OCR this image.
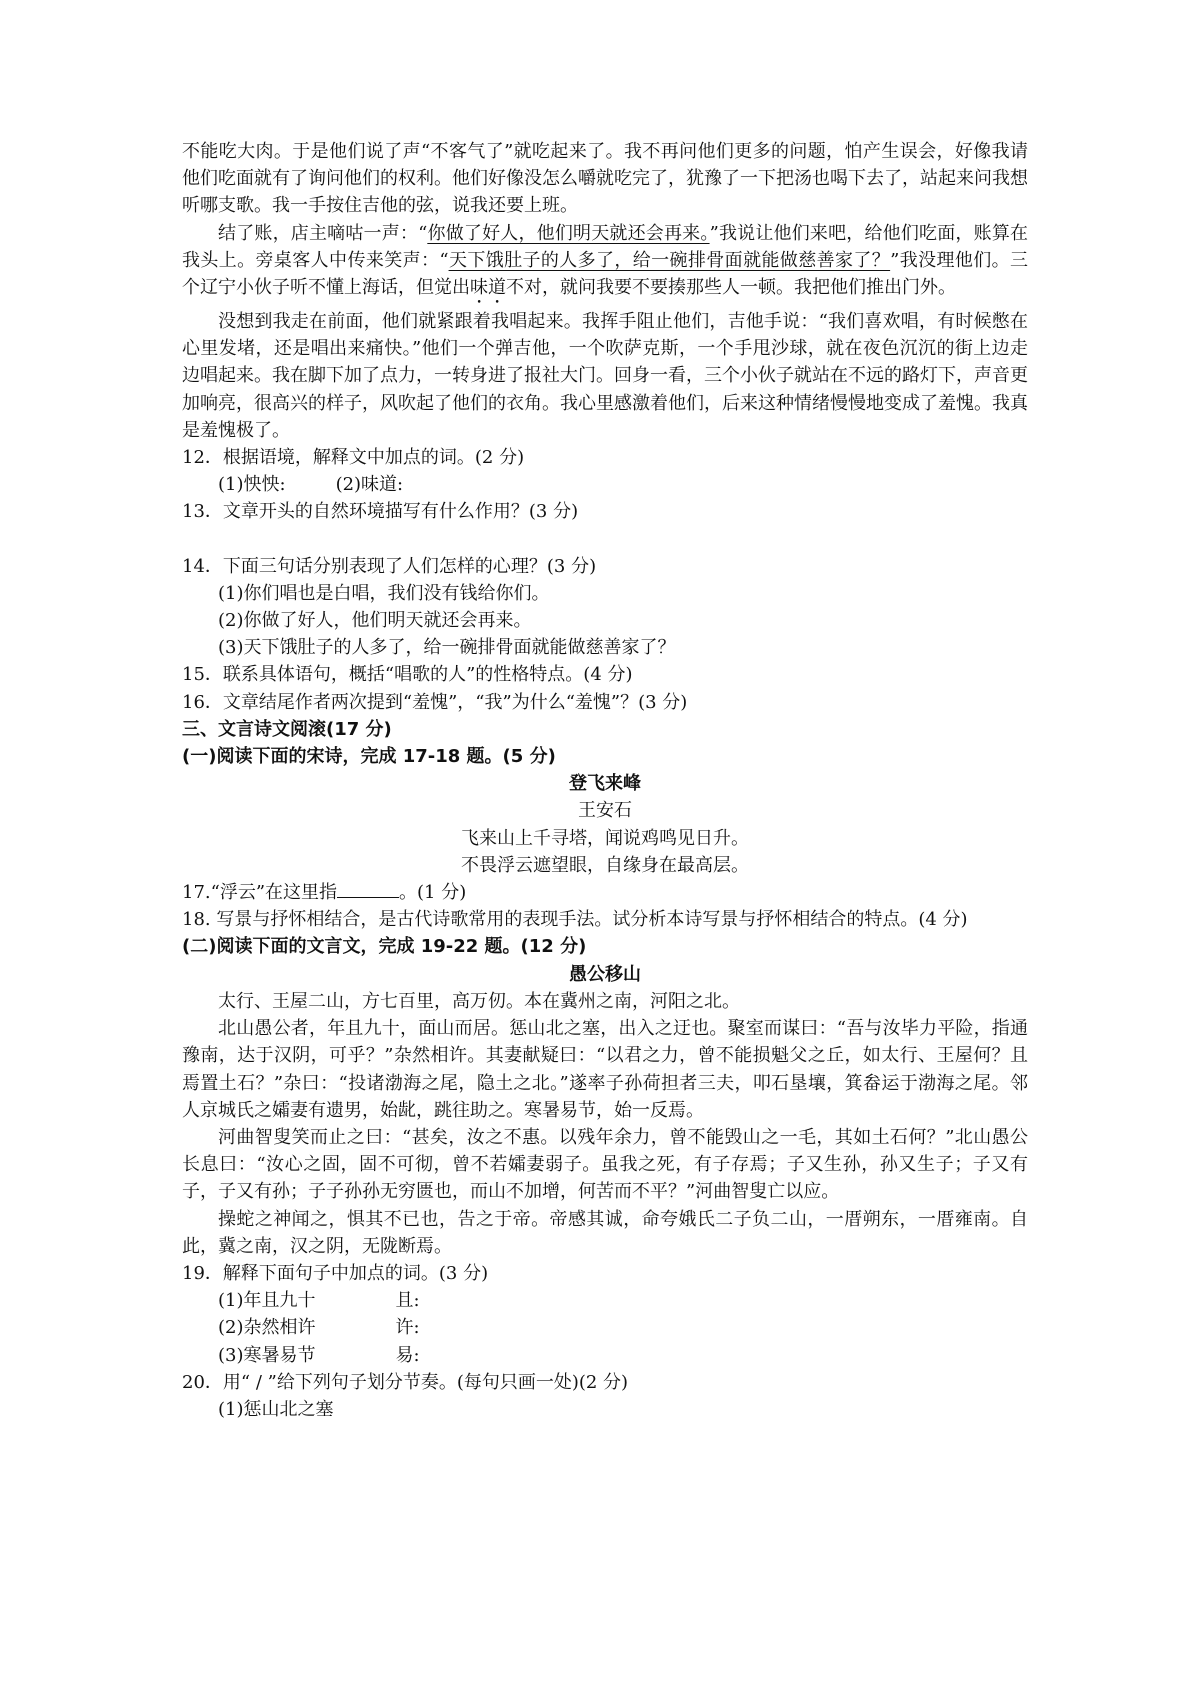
不能吃大肉。于是他们说了声“不客气了”就吃起来了。我不再问他们更多的问题，怕产生误会，好像我请他们吃面就有了询问他们的权利。他们好像没怎么嚼就吃完了，犹豫了一下把汤也喝下去了，站起来问我想听哪支歌。我一手按住吉他的弦，说我还要上班。

结了账，店主嘀咕一声：“你做了好人，他们明天就还会再来。”我说让他们来吧，给他们吃面，账算在我头上。旁桌客人中传来笑声：“天下饿肚子的人多了，给一碗排骨面就能做慈善家了？”我没理他们。三个辽宁小伙子听不懂上海话，但觉出味道不对，就问我要不要揍那些人一顿。我把他们推出门外。

没想到我走在前面，他们就紧跟着我唱起来。我挥手阻止他们，吉他手说：“我们喜欢唱，有时候憋在心里发堵，还是唱出来痛快。”他们一个弹吉他，一个吹萨克斯，一个手甩沙球，就在夜色沉沉的街上边走边唱起来。我在脚下加了点力，一转身进了报社大门。回身一看，三个小伙子就站在不远的路灯下，声音更加响亮，很高兴的样子，风吹起了他们的衣角。我心里感激着他们，后来这种情绪慢慢地变成了羞愧。我真是羞愧极了。

12．根据语境，解释文中加点的词。(2 分)

(1)怏怏:	(2)味道:

13．文章开头的自然环境描写有什么作用？(3 分)

14．下面三句话分别表现了人们怎样的心理？(3 分)

(1)你们唱也是白唱，我们没有钱给你们。

(2)你做了好人，他们明天就还会再来。

(3)天下饿肚子的人多了，给一碗排骨面就能做慈善家了？

15．联系具体语句，概括“唱歌的人”的性格特点。(4 分)

16．文章结尾作者两次提到“羞愧”，“我”为什么“羞愧”？(3 分)

三、文言诗文阅滚(17 分)

(一)阅读下面的宋诗，完成 17-18 题。(5 分)

登飞来峰

王安石

飞来山上千寻塔，闻说鸡鸣见日升。

不畏浮云遮望眼，自缘身在最高层。

17.“浮云”在这里指	。(1 分)

18. 写景与抒怀相结合，是古代诗歌常用的表现手法。试分析本诗写景与抒怀相结合的特点。(4 分)

(二)阅读下面的文言文，完成 19-22 题。(12 分)

愚公移山

太行、王屋二山，方七百里，高万仞。本在冀州之南，河阳之北。

北山愚公者，年且九十，面山而居。惩山北之塞，出入之迂也。聚室而谋曰：“吾与汝毕力平险，指通豫南，达于汉阴，可乎？”杂然相许。其妻献疑曰：“以君之力，曾不能损魁父之丘，如太行、王屋何？且焉置土石？”杂曰：“投诸渤海之尾，隐土之北。”遂率子孙荷担者三夫，叩石垦壤，箕畚运于渤海之尾。邻人京城氏之孀妻有遗男，始龀，跳往助之。寒暑易节，始一反焉。

河曲智叟笑而止之曰：“甚矣，汝之不惠。以残年余力，曾不能毁山之一毛，其如土石何？”北山愚公长息曰：“汝心之固，固不可彻，曾不若孀妻弱子。虽我之死，有子存焉；子又生孙，孙又生子；子又有子，子又有孙；子子孙孙无穷匮也，而山不加增，何苦而不平？”河曲智叟亡以应。

操蛇之神闻之，惧其不已也，告之于帝。帝感其诚，命夸娥氏二子负二山，一厝朔东，一厝雍南。自此，冀之南，汉之阴，无陇断焉。

19．解释下面句子中加点的词。(3 分)

(1)年且九十	且:

(2)杂然相许	许:

(3)寒暑易节	易:

20．用“ / ”给下列句子划分节奏。(每句只画一处)(2 分)

(1)惩山北之塞
